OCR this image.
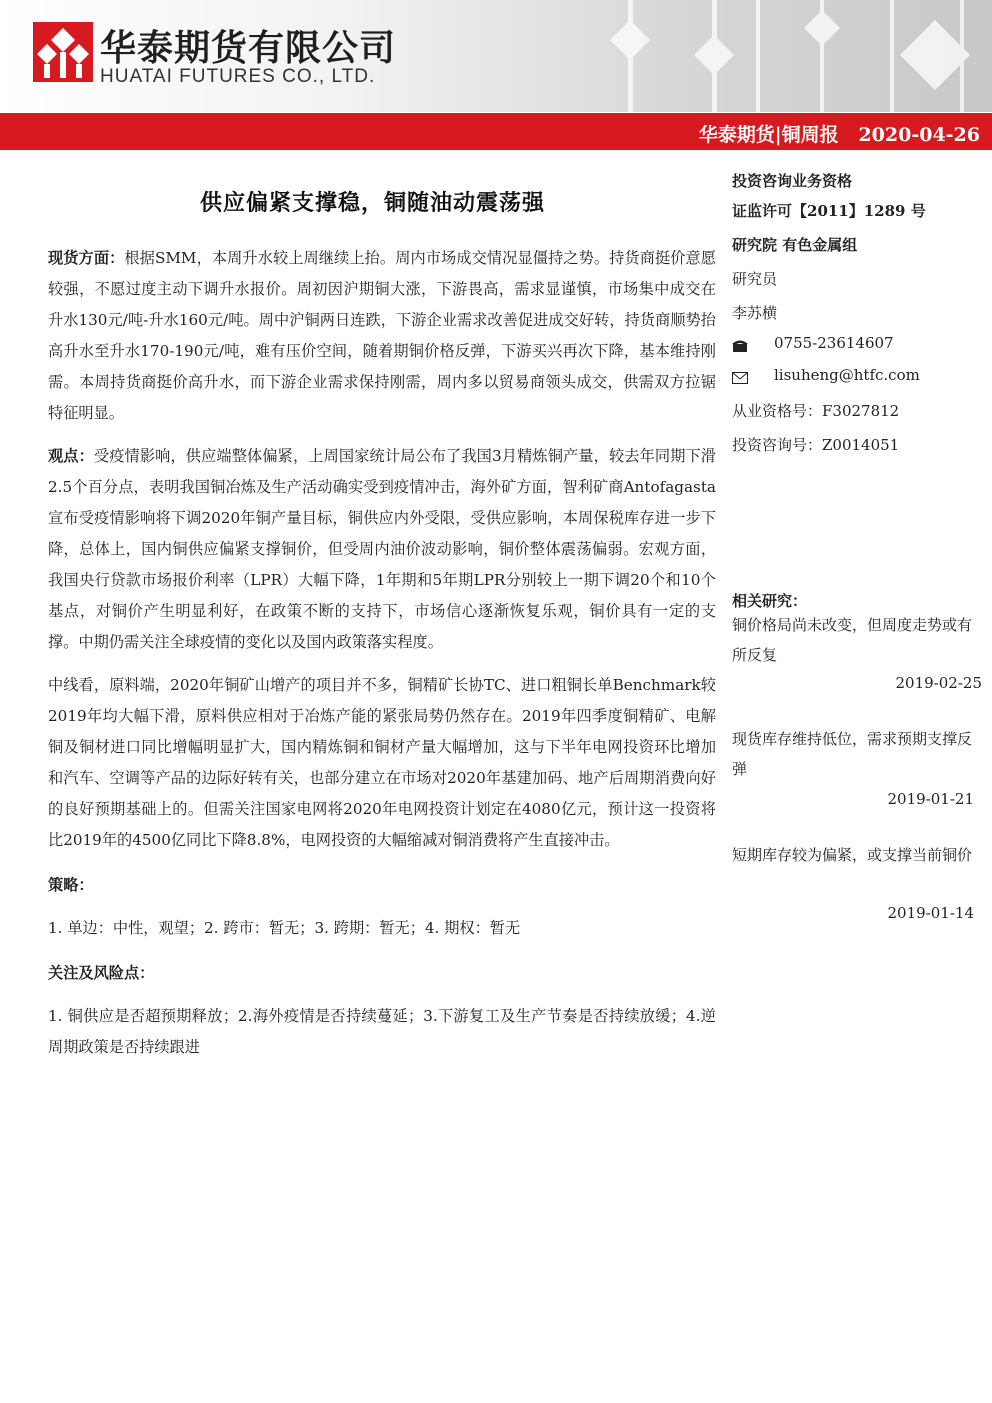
华泰期货有限公司
HUATAI FUTURES CO., LTD.
华泰期货|铜周报   2020-04-26
供应偏紧支撑稳，铜随油动震荡强

现货方面：根据SMM，本周升水较上周继续上抬。周内市场成交情况显僵持之势。持货商挺价意愿较强，不愿过度主动下调升水报价。周初因沪期铜大涨，下游畏高，需求显谨慎，市场集中成交在升水130元/吨-升水160元/吨。周中沪铜两日连跌，下游企业需求改善促进成交好转，持货商顺势抬高升水至升水170-190元/吨，难有压价空间，随着期铜价格反弹，下游买兴再次下降，基本维持刚需。本周持货商挺价高升水，而下游企业需求保持刚需，周内多以贸易商领头成交，供需双方拉锯特征明显。

观点：受疫情影响，供应端整体偏紧，上周国家统计局公布了我国3月精炼铜产量，较去年同期下滑2.5个百分点，表明我国铜冶炼及生产活动确实受到疫情冲击，海外矿方面，智利矿商Antofagasta宣布受疫情影响将下调2020年铜产量目标，铜供应内外受限，受供应影响，本周保税库存进一步下降，总体上，国内铜供应偏紧支撑铜价，但受周内油价波动影响，铜价整体震荡偏弱。宏观方面，我国央行贷款市场报价利率（LPR）大幅下降，1年期和5年期LPR分别较上一期下调20个和10个基点，对铜价产生明显利好，在政策不断的支持下，市场信心逐渐恢复乐观，铜价具有一定的支撑。中期仍需关注全球疫情的变化以及国内政策落实程度。

中线看，原料端，2020年铜矿山增产的项目并不多，铜精矿长协TC、进口粗铜长单Benchmark较2019年均大幅下滑，原料供应相对于冶炼产能的紧张局势仍然存在。2019年四季度铜精矿、电解铜及铜材进口同比增幅明显扩大，国内精炼铜和铜材产量大幅增加，这与下半年电网投资环比增加和汽车、空调等产品的边际好转有关，也部分建立在市场对2020年基建加码、地产后周期消费向好的良好预期基础上的。但需关注国家电网将2020年电网投资计划定在4080亿元，预计这一投资将比2019年的4500亿同比下降8.8%，电网投资的大幅缩减对铜消费将产生直接冲击。

策略：

1. 单边：中性，观望；2. 跨市：暂无；3. 跨期：暂无；4. 期权：暂无

关注及风险点：

1. 铜供应是否超预期释放；2.海外疫情是否持续蔓延；3.下游复工及生产节奏是否持续放缓；4.逆周期政策是否持续跟进

投资咨询业务资格
证监许可【2011】1289 号
研究院 有色金属组
研究员
李苏横
0755-23614607
lisuheng@htfc.com
从业资格号：F3027812
投资咨询号：Z0014051
相关研究：
铜价格局尚未改变，但周度走势或有所反复
2019-02-25
现货库存维持低位，需求预期支撑反弹
2019-01-21
短期库存较为偏紧，或支撑当前铜价
2019-01-14
